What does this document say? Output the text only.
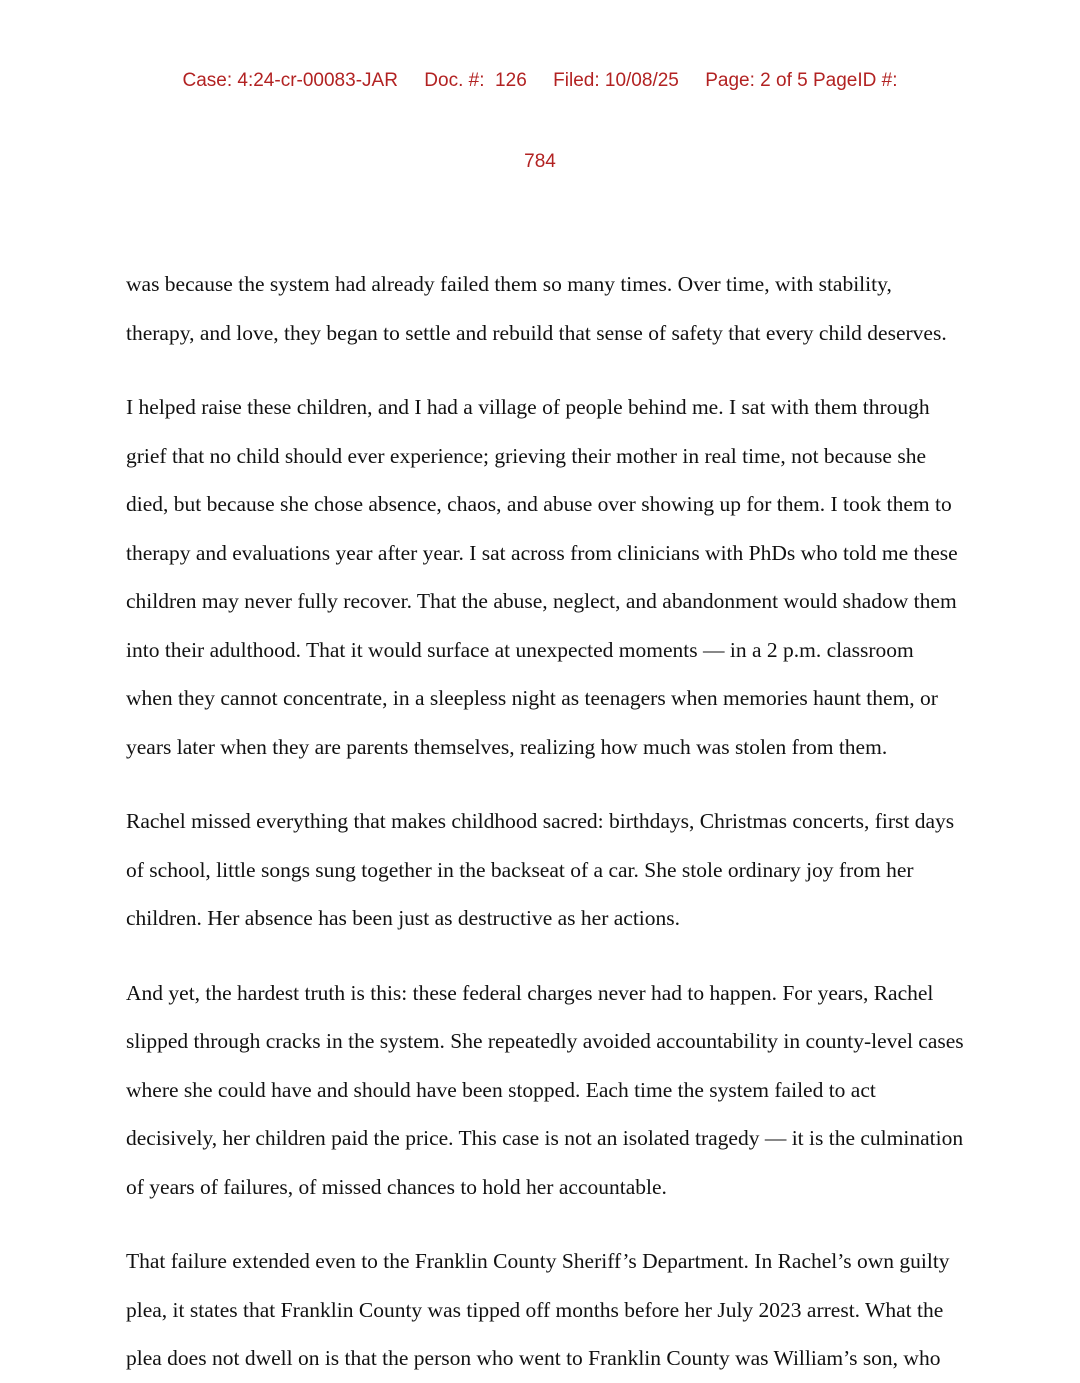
Case: 4:24-cr-00083-JAR     Doc. #:  126     Filed: 10/08/25     Page: 2 of 5 PageID #:

784

was because the system had already failed them so many times. Over time, with stability,
therapy, and love, they began to settle and rebuild that sense of safety that every child deserves.
I helped raise these children, and I had a village of people behind me. I sat with them through
grief that no child should ever experience; grieving their mother in real time, not because she
died, but because she chose absence, chaos, and abuse over showing up for them. I took them to
therapy and evaluations year after year. I sat across from clinicians with PhDs who told me these
children may never fully recover. That the abuse, neglect, and abandonment would shadow them
into their adulthood. That it would surface at unexpected moments — in a 2 p.m. classroom
when they cannot concentrate, in a sleepless night as teenagers when memories haunt them, or
years later when they are parents themselves, realizing how much was stolen from them.
Rachel missed everything that makes childhood sacred: birthdays, Christmas concerts, first days
of school, little songs sung together in the backseat of a car. She stole ordinary joy from her
children. Her absence has been just as destructive as her actions.
And yet, the hardest truth is this: these federal charges never had to happen. For years, Rachel
slipped through cracks in the system. She repeatedly avoided accountability in county-level cases
where she could have and should have been stopped. Each time the system failed to act
decisively, her children paid the price. This case is not an isolated tragedy — it is the culmination
of years of failures, of missed chances to hold her accountable.
That failure extended even to the Franklin County Sheriff’s Department. In Rachel’s own guilty
plea, it states that Franklin County was tipped off months before her July 2023 arrest. What the
plea does not dwell on is that the person who went to Franklin County was William’s son, who
